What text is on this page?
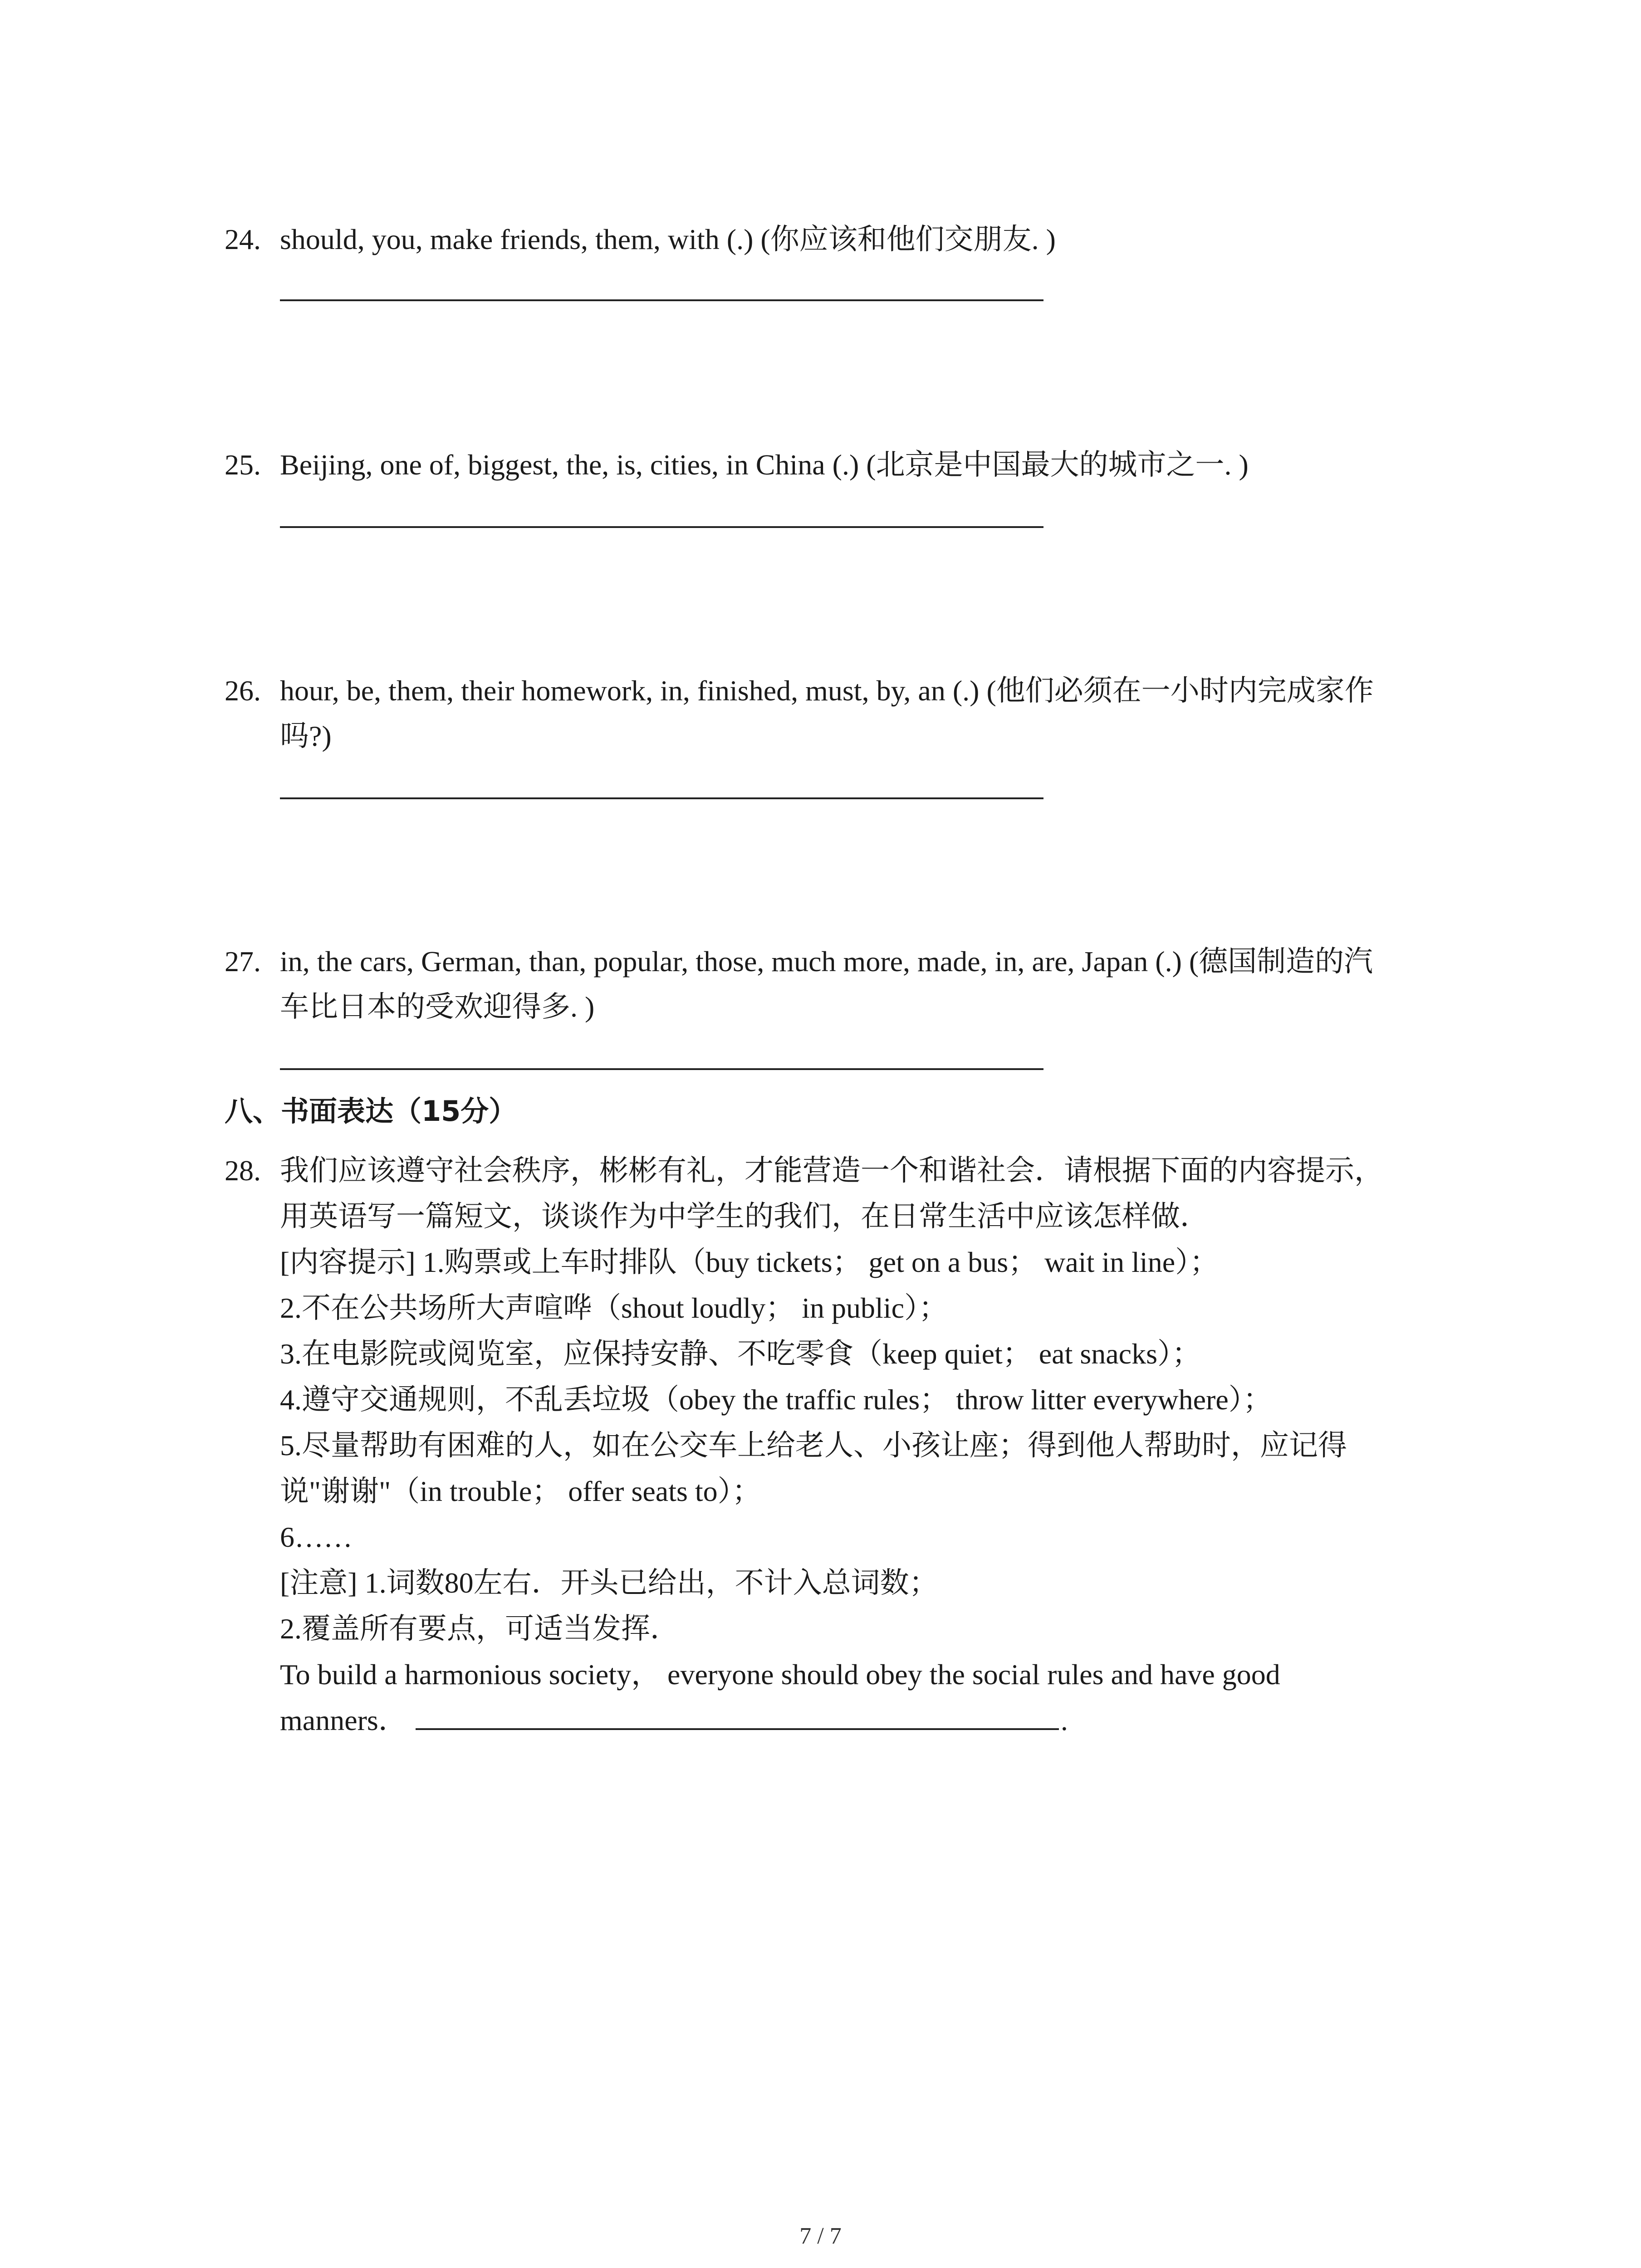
24. should, you, make friends, them, with (.) (你应该和他们交朋友. )
25. Beijing, one of, biggest, the, is, cities, in China (.) (北京是中国最大的城市之一. )
26. hour, be, them, their homework, in, finished, must, by, an (.) (他们必须在一小时内完成家作
吗?)
27. in, the cars, German, than, popular, those, much more, made, in, are, Japan (.) (德国制造的汽
车比日本的受欢迎得多. )
八、书面表达（15分）
28. 我们应该遵守社会秩序，彬彬有礼，才能营造一个和谐社会．请根据下面的内容提示，
用英语写一篇短文，谈谈作为中学生的我们，在日常生活中应该怎样做．
[内容提示] 1.购票或上车时排队（buy tickets； get on a bus； wait in line）；
2.不在公共场所大声喧哗（shout loudly； in public）；
3.在电影院或阅览室，应保持安静、不吃零食（keep quiet； eat snacks）；
4.遵守交通规则，不乱丢垃圾（obey the traffic rules； throw litter everywhere）；
5.尽量帮助有困难的人，如在公交车上给老人、小孩让座；得到他人帮助时，应记得
说"谢谢"（in trouble； offer seats to）；
6……
[注意] 1.词数80左右．开头已给出，不计入总词数；
2.覆盖所有要点，可适当发挥．
To build a harmonious society， everyone should obey the social rules and have good
manners．	.
7 / 7
